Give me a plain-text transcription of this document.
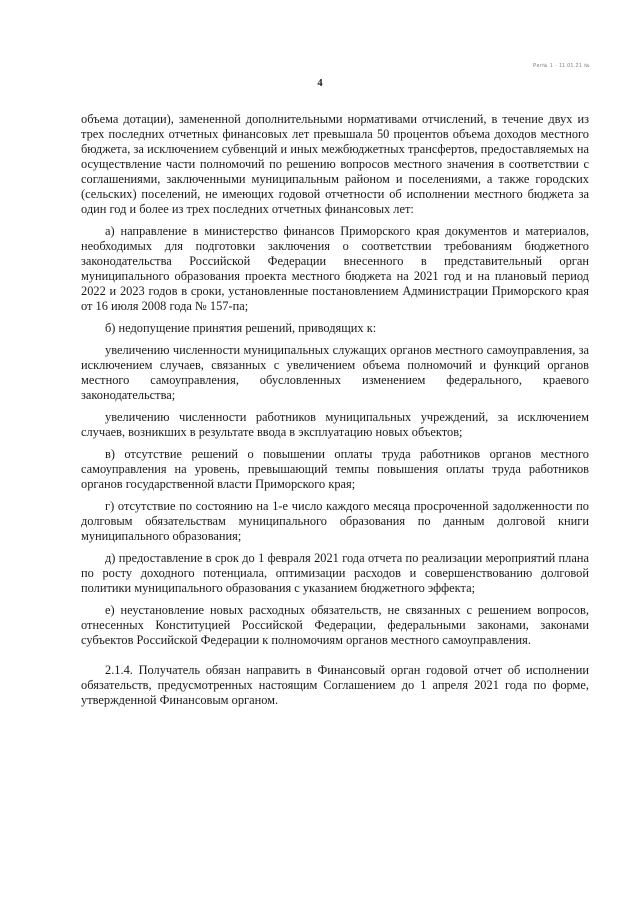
Рег№ 1 · 11.01.21 №
4

объема дотации), замененной дополнительными нормативами отчислений, в течение двух из трех последних отчетных финансовых лет превышала 50 процентов объема доходов местного бюджета, за исключением субвенций и иных межбюджетных трансфертов, предоставляемых на осуществление части полномочий по решению вопросов местного значения в соответствии с соглашениями, заключенными муниципальным районом и поселениями, а также городских (сельских) поселений, не имеющих годовой отчетности об исполнении местного бюджета за один год и более из трех последних отчетных финансовых лет:

а) направление в министерство финансов Приморского края документов и материалов, необходимых для подготовки заключения о соответствии требованиям бюджетного законодательства Российской Федерации внесенного в представительный орган муниципального образования проекта местного бюджета на 2021 год и на плановый период 2022 и 2023 годов в сроки, установленные постановлением Администрации Приморского края от 16 июля 2008 года № 157-па;

б) недопущение принятия решений, приводящих к:

увеличению численности муниципальных служащих органов местного самоуправления, за исключением случаев, связанных с увеличением объема полномочий и функций органов местного самоуправления, обусловленных изменением федерального, краевого законодательства;

увеличению численности работников муниципальных учреждений, за исключением случаев, возникших в результате ввода в эксплуатацию новых объектов;

в) отсутствие решений о повышении оплаты труда работников органов местного самоуправления на уровень, превышающий темпы повышения оплаты труда работников органов государственной власти Приморского края;

г) отсутствие по состоянию на 1-е число каждого месяца просроченной задолженности по долговым обязательствам муниципального образования по данным долговой книги муниципального образования;

д) предоставление в срок до 1 февраля 2021 года отчета по реализации мероприятий плана по росту доходного потенциала, оптимизации расходов и совершенствованию долговой политики муниципального образования с указанием бюджетного эффекта;

е) неустановление новых расходных обязательств, не связанных с решением вопросов, отнесенных Конституцией Российской Федерации, федеральными законами, законами субъектов Российской Федерации к полномочиям органов местного самоуправления.

2.1.4. Получатель обязан направить в Финансовый орган годовой отчет об исполнении обязательств, предусмотренных настоящим Соглашением до 1 апреля 2021 года по форме, утвержденной Финансовым органом.
